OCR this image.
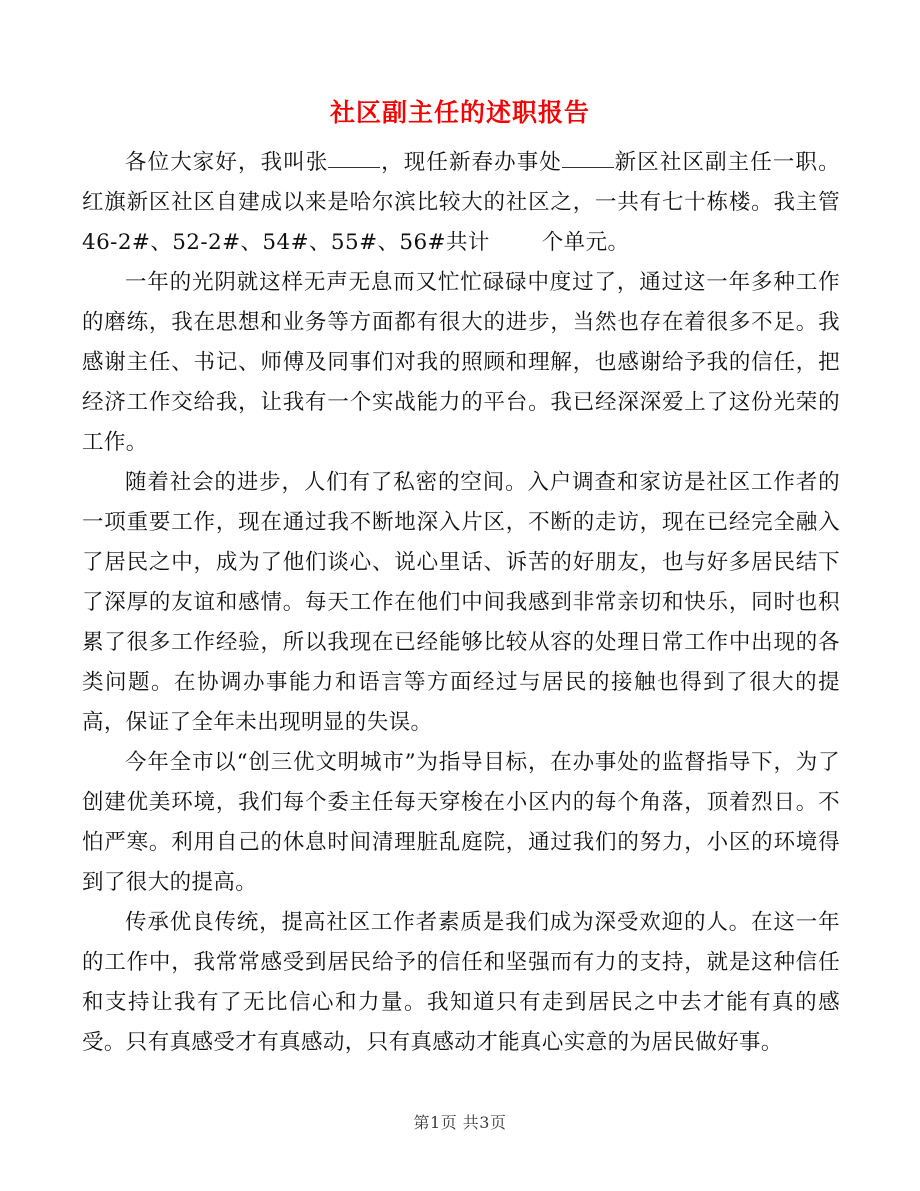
社区副主任的述职报告

各位大家好，我叫张 ，现任新春办事处 新区社区副主任一职。红旗新区社区自建成以来是哈尔滨比较大的社区之，一共有七十栋楼。我主管46-2#、52-2#、54#、55#、56#共计 个单元。

一年的光阴就这样无声无息而又忙忙碌碌中度过了，通过这一年多种工作的磨练，我在思想和业务等方面都有很大的进步，当然也存在着很多不足。我感谢主任、书记、师傅及同事们对我的照顾和理解，也感谢给予我的信任，把经济工作交给我，让我有一个实战能力的平台。我已经深深爱上了这份光荣的工作。

随着社会的进步，人们有了私密的空间。入户调查和家访是社区工作者的一项重要工作，现在通过我不断地深入片区，不断的走访，现在已经完全融入了居民之中，成为了他们谈心、说心里话、诉苦的好朋友，也与好多居民结下了深厚的友谊和感情。每天工作在他们中间我感到非常亲切和快乐，同时也积累了很多工作经验，所以我现在已经能够比较从容的处理日常工作中出现的各类问题。在协调办事能力和语言等方面经过与居民的接触也得到了很大的提高，保证了全年未出现明显的失误。

今年全市以“创三优文明城市”为指导目标，在办事处的监督指导下，为了创建优美环境，我们每个委主任每天穿梭在小区内的每个角落，顶着烈日。不怕严寒。利用自己的休息时间清理脏乱庭院，通过我们的努力，小区的环境得到了很大的提高。

传承优良传统，提高社区工作者素质是我们成为深受欢迎的人。在这一年的工作中，我常常感受到居民给予的信任和坚强而有力的支持，就是这种信任和支持让我有了无比信心和力量。我知道只有走到居民之中去才能有真的感受。只有真感受才有真感动，只有真感动才能真心实意的为居民做好事。

第1页 共3页
